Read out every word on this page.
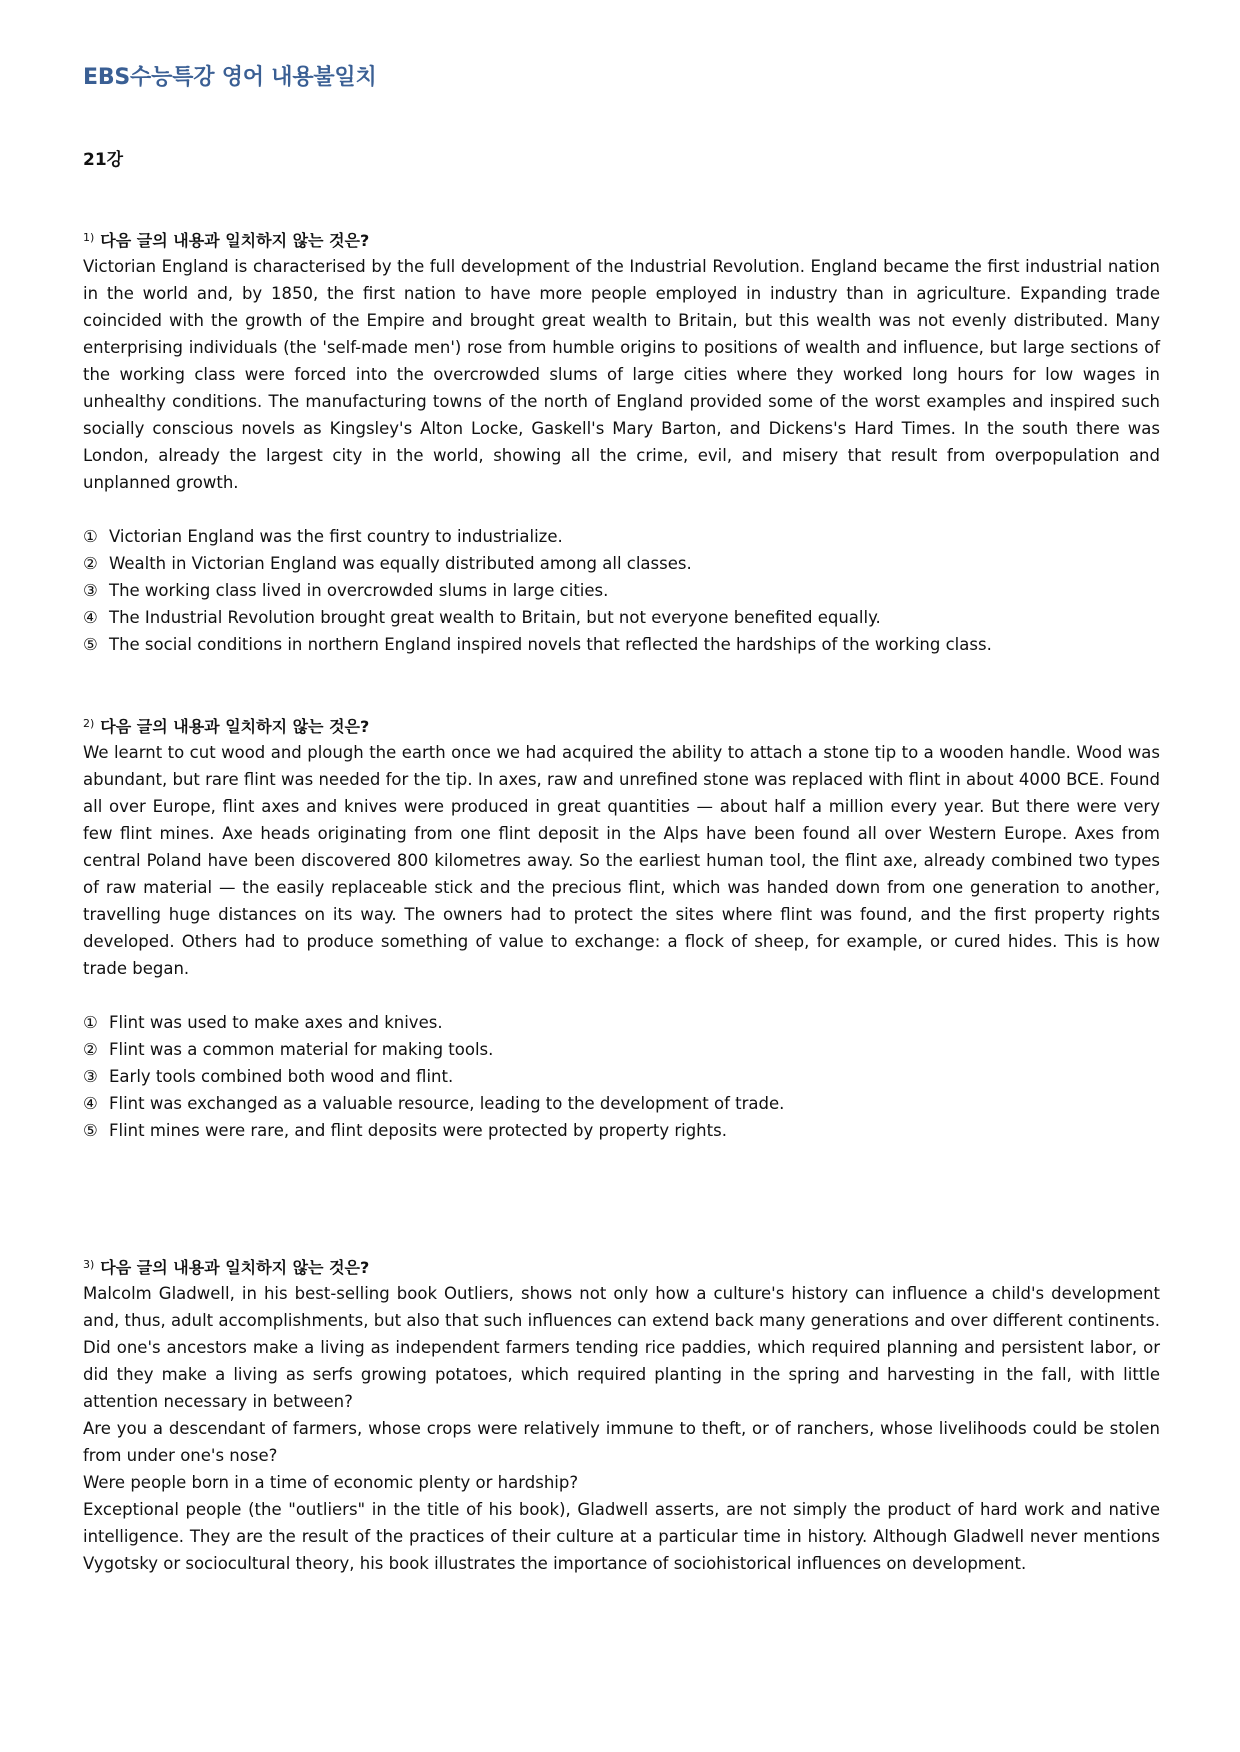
EBS수능특강 영어 내용불일치
21강
$^{1)}$ 다음 글의 내용과 일치하지 않는 것은?

Victorian England is characterised by the full development of the Industrial Revolution. England became the first industrial nation in the world and, by 1850, the first nation to have more people employed in industry than in agriculture. Expanding trade coincided with the growth of the Empire and brought great wealth to Britain, but this wealth was not evenly distributed. Many enterprising individuals (the 'self-made men') rose from humble origins to positions of wealth and influence, but large sections of the working class were forced into the overcrowded slums of large cities where they worked long hours for low wages in unhealthy conditions. The manufacturing towns of the north of England provided some of the worst examples and inspired such socially conscious novels as Kingsley's Alton Locke, Gaskell's Mary Barton, and Dickens's Hard Times. In the south there was London, already the largest city in the world, showing all the crime, evil, and misery that result from overpopulation and unplanned growth.

① Victorian England was the first country to industrialize.
② Wealth in Victorian England was equally distributed among all classes.
③ The working class lived in overcrowded slums in large cities.
④ The Industrial Revolution brought great wealth to Britain, but not everyone benefited equally.
⑤ The social conditions in northern England inspired novels that reflected the hardships of the working class.
$^{2)}$ 다음 글의 내용과 일치하지 않는 것은?

We learnt to cut wood and plough the earth once we had acquired the ability to attach a stone tip to a wooden handle. Wood was abundant, but rare flint was needed for the tip. In axes, raw and unrefined stone was replaced with flint in about 4000 BCE. Found all over Europe, flint axes and knives were produced in great quantities — about half a million every year. But there were very few flint mines. Axe heads originating from one flint deposit in the Alps have been found all over Western Europe. Axes from central Poland have been discovered 800 kilometres away. So the earliest human tool, the flint axe, already combined two types of raw material — the easily replaceable stick and the precious flint, which was handed down from one generation to another, travelling huge distances on its way. The owners had to protect the sites where flint was found, and the first property rights developed. Others had to produce something of value to exchange: a flock of sheep, for example, or cured hides. This is how trade began.

① Flint was used to make axes and knives.
② Flint was a common material for making tools.
③ Early tools combined both wood and flint.
④ Flint was exchanged as a valuable resource, leading to the development of trade.
⑤ Flint mines were rare, and flint deposits were protected by property rights.
$^{3)}$ 다음 글의 내용과 일치하지 않는 것은?

Malcolm Gladwell, in his best-selling book Outliers, shows not only how a culture's history can influence a child's development and, thus, adult accomplishments, but also that such influences can extend back many generations and over different continents. Did one's ancestors make a living as independent farmers tending rice paddies, which required planning and persistent labor, or did they make a living as serfs growing potatoes, which required planting in the spring and harvesting in the fall, with little attention necessary in between?

Are you a descendant of farmers, whose crops were relatively immune to theft, or of ranchers, whose livelihoods could be stolen from under one's nose?

Were people born in a time of economic plenty or hardship?

Exceptional people (the "outliers" in the title of his book), Gladwell asserts, are not simply the product of hard work and native intelligence. They are the result of the practices of their culture at a particular time in history. Although Gladwell never mentions Vygotsky or sociocultural theory, his book illustrates the importance of sociohistorical influences on development.
